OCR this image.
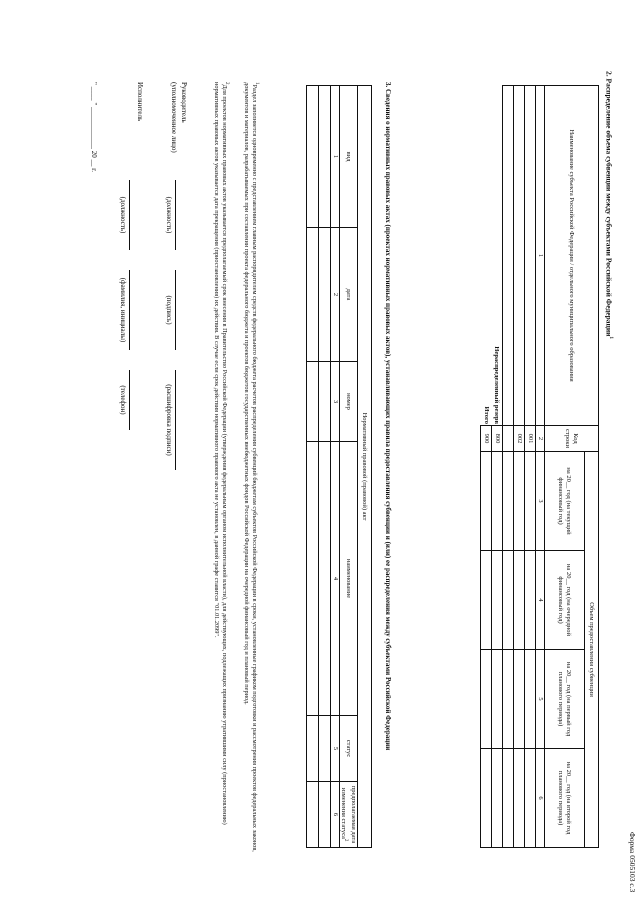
Форма 0505103 с.3
2. Распределение объема субвенции между субъектами Российской Федерации$^1$
Наименование субъекта Российской Федерации / отдельного муниципального образования	Код строки	Объем предоставления субвенции			
		на 20__ год (на текущий финансовый год)	на 20__ год (на очередной финансовый год)	на 20__ год (на первый год планового периода)	на 20__ год (на второй год планового периода)
1	2	3	4	5	6
	001				
	002				

Нераспределенный резерв	800				
Итого	900				
3. Сведения о нормативных правовых актах (проектах нормативных правовых актов), устанавливающих правила предоставления субвенции и (или) ее распределения между субъектами Российской Федерации
Нормативный правовой (правовой) акт					
вид	дата	номер	наименование	статус	предполагаемая дата изменения статуса$^2$
1	2	3	4	5	6

$^1$Раздел заполняется одновременно с представлением главным распорядителем средств федерального бюджета расчетов распределения субвенций бюджетам субъектов Российской Федерации в сроки, установленные графиком подготовки и рассмотрения проектов федеральных законов, документов и материалов, разрабатываемых при составлении проекта федерального бюджета и проектов бюджетов государственных внебюджетных фондов Российской Федерации на очередной финансовый год и плановый период.
$^2$Для проектов нормативных правовых актов указывается предполагаемый срок внесения в Правительство Российской Федерации (утверждения федеральным органом исполнительной власти), для действующих, подлежащих признанию утратившими силу (приостановлению) нормативных правовых актов указывается дата прекращения (приостановления) их действия. В случае если срок действия нормативного правового акта не установлен, в данной графе ставится "01.01.2099".
Руководитель
(уполномоченное лицо)
(должность)
(подпись)
(расшифровка подписи)
Исполнитель
(должность)
(фамилия, инициалы)
(телефон)
" ____ " ____________ 20 __ г.
